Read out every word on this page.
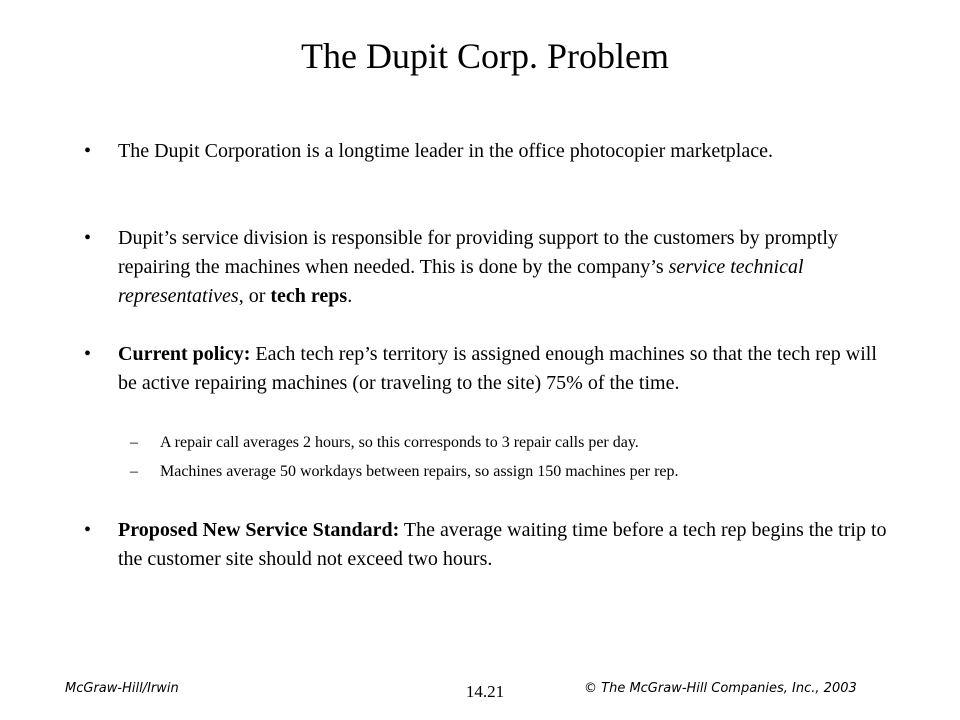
The Dupit Corp. Problem
• The Dupit Corporation is a longtime leader in the office photocopier marketplace.
• Dupit’s service division is responsible for providing support to the customers by promptly repairing the machines when needed. This is done by the company’s service technical representatives, or tech reps.
• Current policy: Each tech rep’s territory is assigned enough machines so that the tech rep will be active repairing machines (or traveling to the site) 75% of the time.
– A repair call averages 2 hours, so this corresponds to 3 repair calls per day.
– Machines average 50 workdays between repairs, so assign 150 machines per rep.
• Proposed New Service Standard: The average waiting time before a tech rep begins the trip to the customer site should not exceed two hours.
McGraw-Hill/Irwin	14.21	© The McGraw-Hill Companies, Inc., 2003
